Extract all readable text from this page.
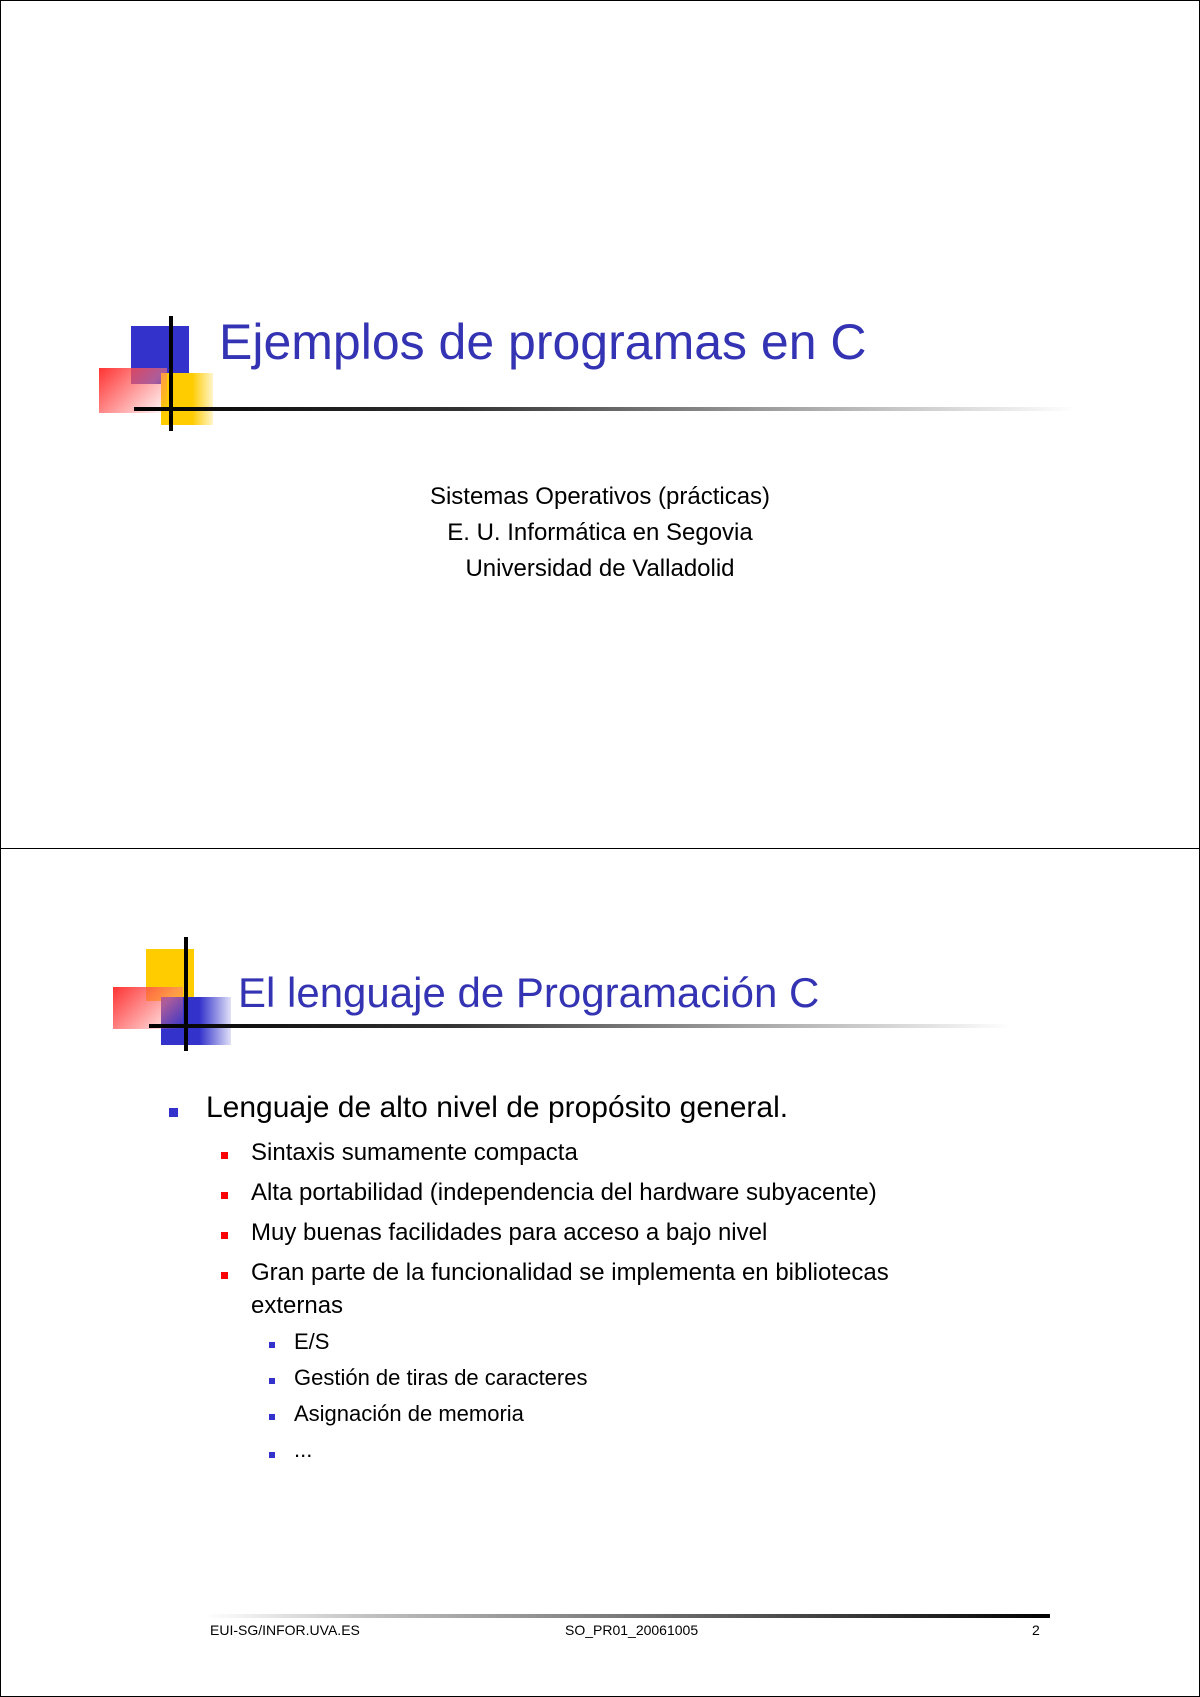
Ejemplos de programas en C
Sistemas Operativos (prácticas)
E. U. Informática en Segovia
Universidad de Valladolid
El lenguaje de Programación C
Lenguaje de alto nivel de propósito general.
Sintaxis sumamente compacta
Alta portabilidad (independencia del hardware subyacente)
Muy buenas facilidades para acceso a bajo nivel
Gran parte de la funcionalidad se implementa en bibliotecas
externas
E/S
Gestión de tiras de caracteres
Asignación de memoria
...
EUI-SG/INFOR.UVA.ES	SO_PR01_20061005	2
